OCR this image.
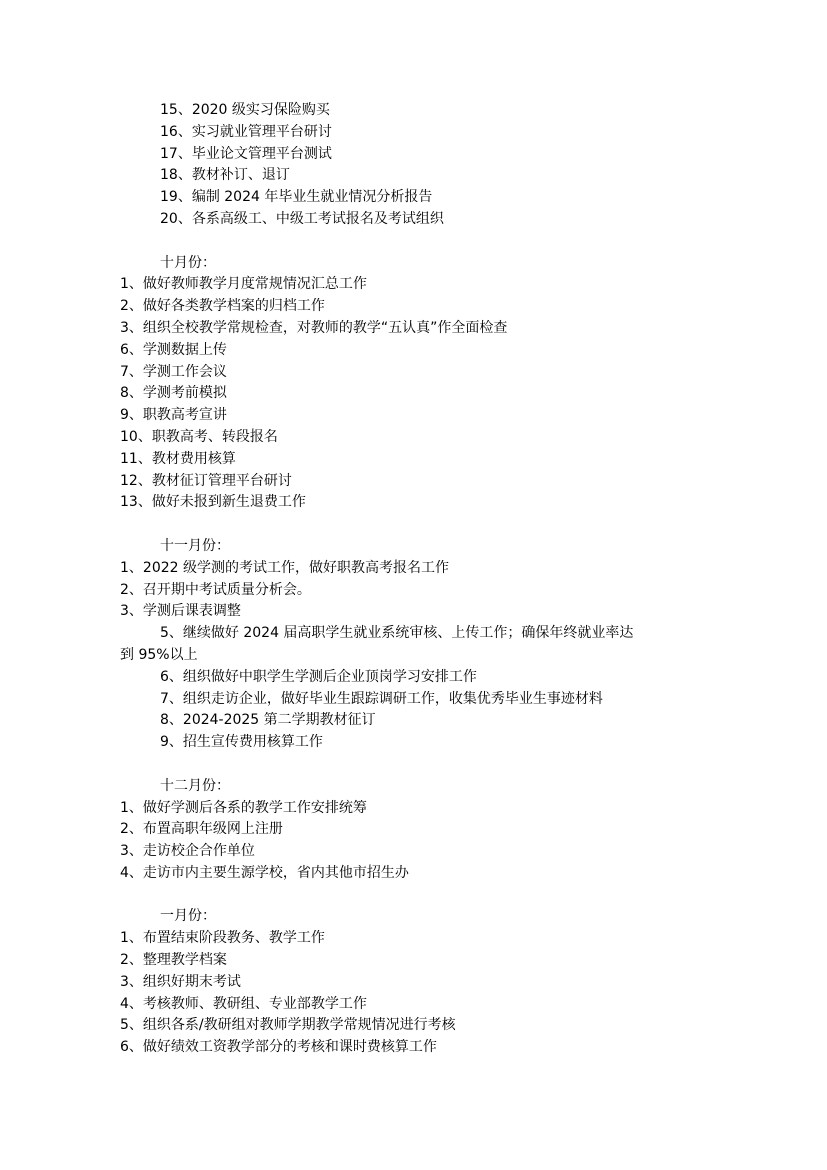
15、2020 级实习保险购买
16、实习就业管理平台研讨
17、毕业论文管理平台测试
18、教材补订、退订
19、编制 2024 年毕业生就业情况分析报告
20、各系高级工、中级工考试报名及考试组织
十月份：
1、做好教师教学月度常规情况汇总工作
2、做好各类教学档案的归档工作
3、组织全校教学常规检查，对教师的教学“五认真”作全面检查
6、学测数据上传
7、学测工作会议
8、学测考前模拟
9、职教高考宣讲
10、职教高考、转段报名
11、教材费用核算
12、教材征订管理平台研讨
13、做好未报到新生退费工作
十一月份：
1、2022 级学测的考试工作，做好职教高考报名工作
2、召开期中考试质量分析会。
3、学测后课表调整
5、继续做好 2024 届高职学生就业系统审核、上传工作；确保年终就业率达
到 95%以上
6、组织做好中职学生学测后企业顶岗学习安排工作
7、组织走访企业，做好毕业生跟踪调研工作，收集优秀毕业生事迹材料
8、2024-2025 第二学期教材征订
9、招生宣传费用核算工作
十二月份：
1、做好学测后各系的教学工作安排统筹
2、布置高职年级网上注册
3、走访校企合作单位
4、走访市内主要生源学校，省内其他市招生办
一月份：
1、布置结束阶段教务、教学工作
2、整理教学档案
3、组织好期末考试
4、考核教师、教研组、专业部教学工作
5、组织各系/教研组对教师学期教学常规情况进行考核
6、做好绩效工资教学部分的考核和课时费核算工作
